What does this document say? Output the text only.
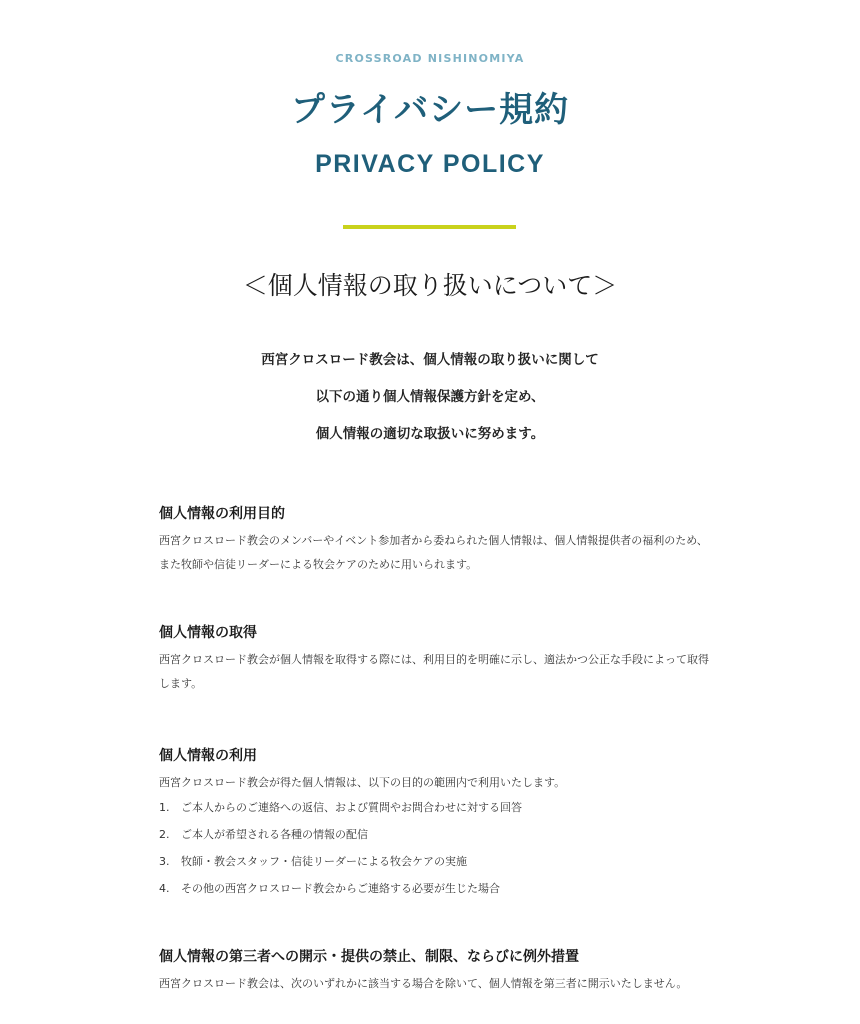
CROSSROAD NISHINOMIYA
プライバシー規約
PRIVACY POLICY
＜個人情報の取り扱いについて＞
西宮クロスロード教会は、個人情報の取り扱いに関して
以下の通り個人情報保護方針を定め、
個人情報の適切な取扱いに努めます。

個人情報の利用目的

西宮クロスロード教会のメンバーやイベント参加者から委ねられた個人情報は、個人情報提供者の福利のため、また牧師や信徒リーダーによる牧会ケアのために用いられます。

個人情報の取得

西宮クロスロード教会が個人情報を取得する際には、利用目的を明確に示し、適法かつ公正な手段によって取得します。

個人情報の利用

西宮クロスロード教会が得た個人情報は、以下の目的の範囲内で利用いたします。

1.	ご本人からのご連絡への返信、および質問やお問合わせに対する回答
2.	ご本人が希望される各種の情報の配信
3.	牧師・教会スタッフ・信徒リーダーによる牧会ケアの実施
4.	その他の西宮クロスロード教会からご連絡する必要が生じた場合

個人情報の第三者への開示・提供の禁止、制限、ならびに例外措置

西宮クロスロード教会は、次のいずれかに該当する場合を除いて、個人情報を第三者に開示いたしません。
